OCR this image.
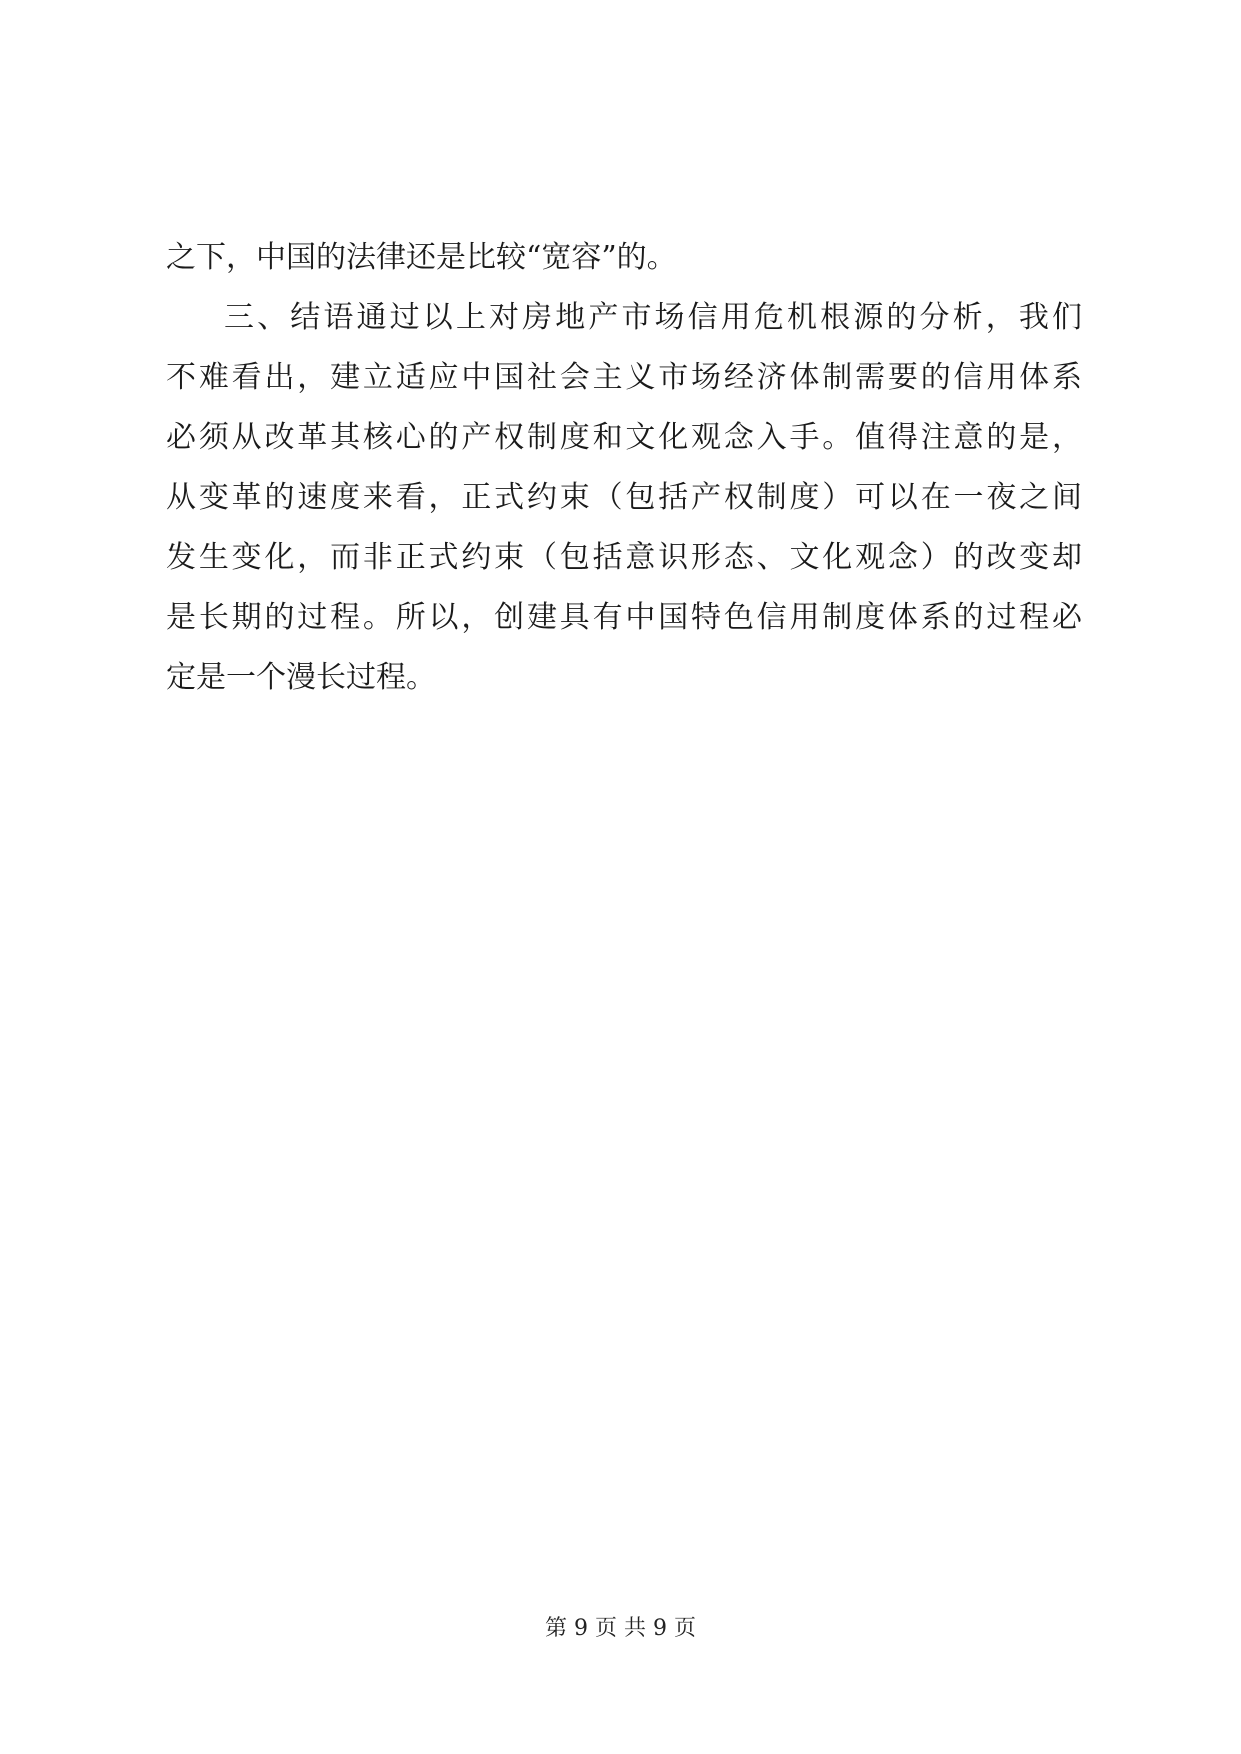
之下，中国的法律还是比较“宽容”的。
三、结语通过以上对房地产市场信用危机根源的分析，我们
不难看出，建立适应中国社会主义市场经济体制需要的信用体系
必须从改革其核心的产权制度和文化观念入手。值得注意的是，
从变革的速度来看，正式约束（包括产权制度）可以在一夜之间
发生变化，而非正式约束（包括意识形态、文化观念）的改变却
是长期的过程。所以，创建具有中国特色信用制度体系的过程必
定是一个漫长过程。
第 9 页 共 9 页
